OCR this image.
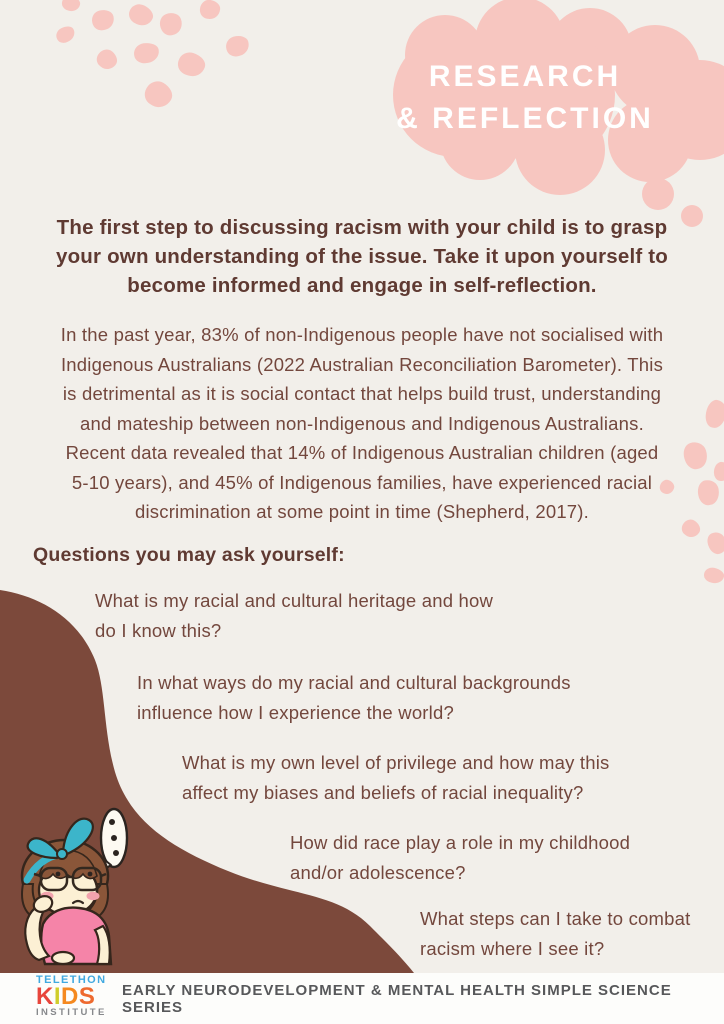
RESEARCH
& REFLECTION
The first step to discussing racism with your child is to grasp
your own understanding of the issue. Take it upon yourself to
become informed and engage in self-reflection.
In the past year, 83% of non-Indigenous people have not socialised with
Indigenous Australians (2022 Australian Reconciliation Barometer). This
is detrimental as it is social contact that helps build trust, understanding
and mateship between non-Indigenous and Indigenous Australians.
Recent data revealed that 14% of Indigenous Australian children (aged
5-10 years), and 45% of Indigenous families, have experienced racial
discrimination at some point in time (Shepherd, 2017).
Questions you may ask yourself:
What is my racial and cultural heritage and how
do I know this?
In what ways do my racial and cultural backgrounds
influence how I experience the world?
What is my own level of privilege and how may this
affect my biases and beliefs of racial inequality?
How did race play a role in my childhood
and/or adolescence?
What steps can I take to combat
racism where I see it?
TELETHON
KIDS
INSTITUTE
EARLY NEURODEVELOPMENT & MENTAL HEALTH SIMPLE SCIENCE SERIES
